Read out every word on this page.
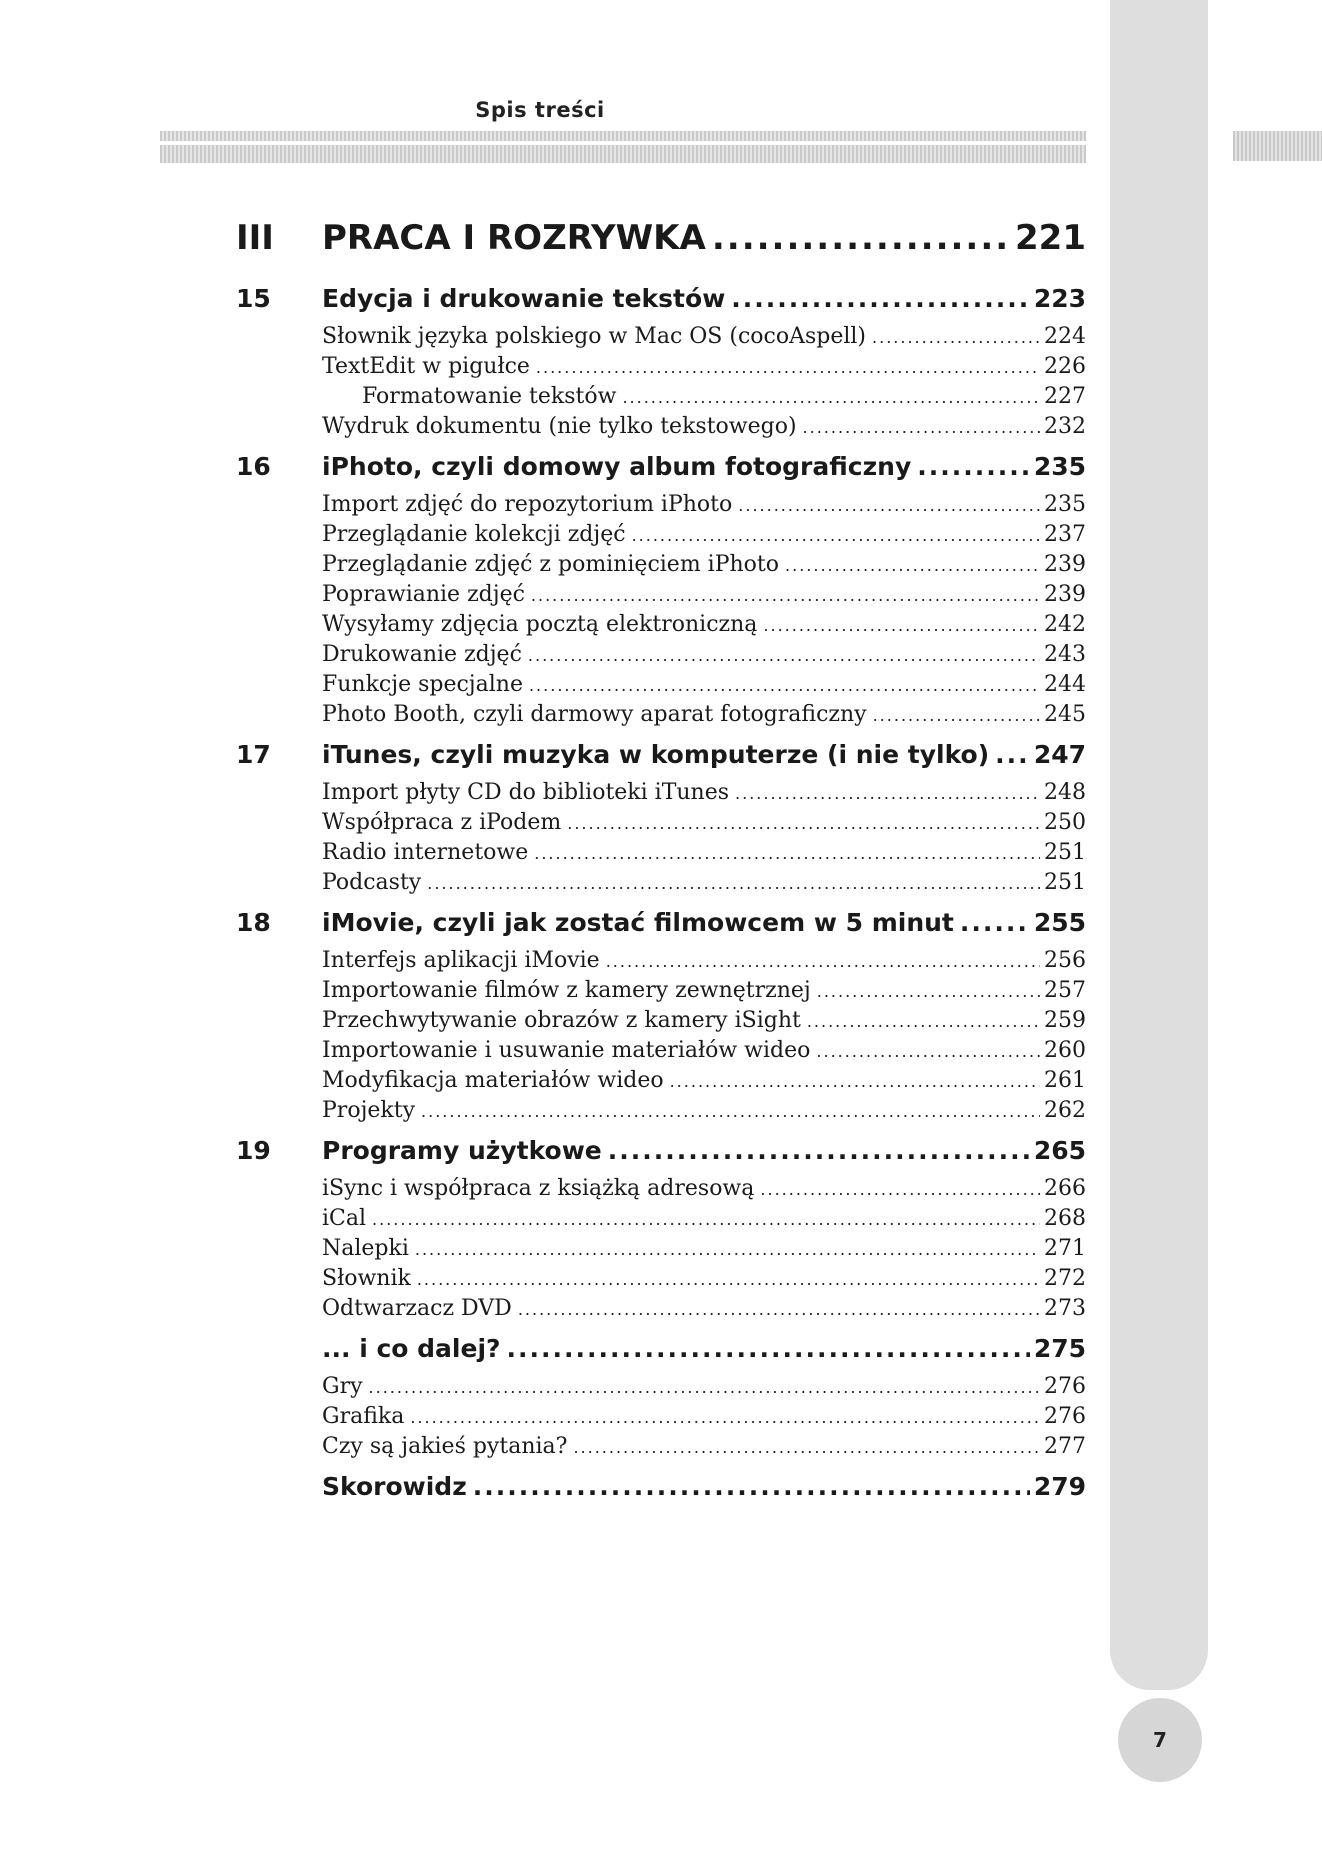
Spis treści
III	PRACA I ROZRYWKA .....	221
15	Edycja i drukowanie tekstów .....	223
Słownik języka polskiego w Mac OS (cocoAspell) .....	224
TextEdit w pigułce .....	226
Formatowanie tekstów .....	227
Wydruk dokumentu (nie tylko tekstowego) .....	232
16	iPhoto, czyli domowy album fotograficzny .....	235
Import zdjęć do repozytorium iPhoto .....	235
Przeglądanie kolekcji zdjęć .....	237
Przeglądanie zdjęć z pominięciem iPhoto .....	239
Poprawianie zdjęć .....	239
Wysyłamy zdjęcia pocztą elektroniczną .....	242
Drukowanie zdjęć .....	243
Funkcje specjalne .....	244
Photo Booth, czyli darmowy aparat fotograficzny .....	245
17	iTunes, czyli muzyka w komputerze (i nie tylko) ..... 247
Import płyty CD do biblioteki iTunes .....	248
Współpraca z iPodem .....	250
Radio internetowe .....	251
Podcasty .....	251
18	iMovie, czyli jak zostać filmowcem w 5 minut .....	255
Interfejs aplikacji iMovie .....	256
Importowanie filmów z kamery zewnętrznej .....	257
Przechwytywanie obrazów z kamery iSight .....	259
Importowanie i usuwanie materiałów wideo .....	260
Modyfikacja materiałów wideo .....	261
Projekty .....	262
19	Programy użytkowe .....	265
iSync i współpraca z książką adresową .....	266
iCal .....	268
Nalepki .....	271
Słownik .....	272
Odtwarzacz DVD .....	273
... i co dalej? .....	275
Gry .....	276
Grafika .....	276
Czy są jakieś pytania? .....	277
Skorowidz .....	279
7
